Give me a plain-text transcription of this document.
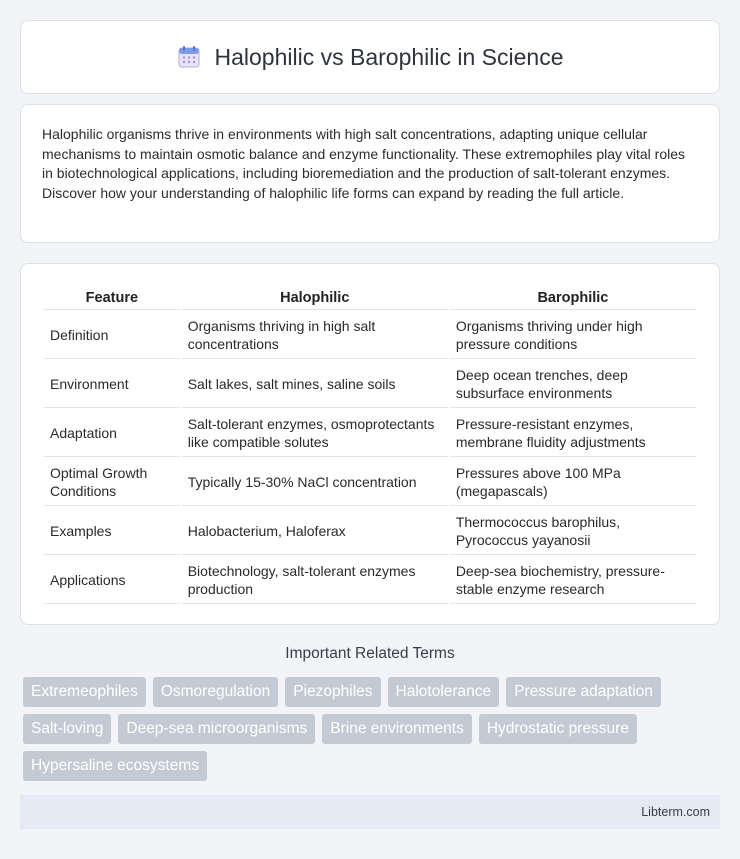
Halophilic vs Barophilic in Science

Halophilic organisms thrive in environments with high salt concentrations, adapting unique cellular mechanisms to maintain osmotic balance and enzyme functionality. These extremophiles play vital roles in biotechnological applications, including bioremediation and the production of salt-tolerant enzymes. Discover how your understanding of halophilic life forms can expand by reading the full article.

Feature	Halophilic	Barophilic
Definition	Organisms thriving in high salt concentrations	Organisms thriving under high pressure conditions
Environment	Salt lakes, salt mines, saline soils	Deep ocean trenches, deep subsurface environments
Adaptation	Salt-tolerant enzymes, osmoprotectants like compatible solutes	Pressure-resistant enzymes, membrane fluidity adjustments
Optimal Growth Conditions	Typically 15-30% NaCl concentration	Pressures above 100 MPa (megapascals)
Examples	Halobacterium, Haloferax	Thermococcus barophilus, Pyrococcus yayanosii
Applications	Biotechnology, salt-tolerant enzymes production	Deep-sea biochemistry, pressure-stable enzyme research
Important Related Terms
Extremeophiles	Osmoregulation	Piezophiles	Halotolerance	Pressure adaptation
Salt-loving	Deep-sea microorganisms	Brine environments	Hydrostatic pressure
Hypersaline ecosystems
Libterm.com
